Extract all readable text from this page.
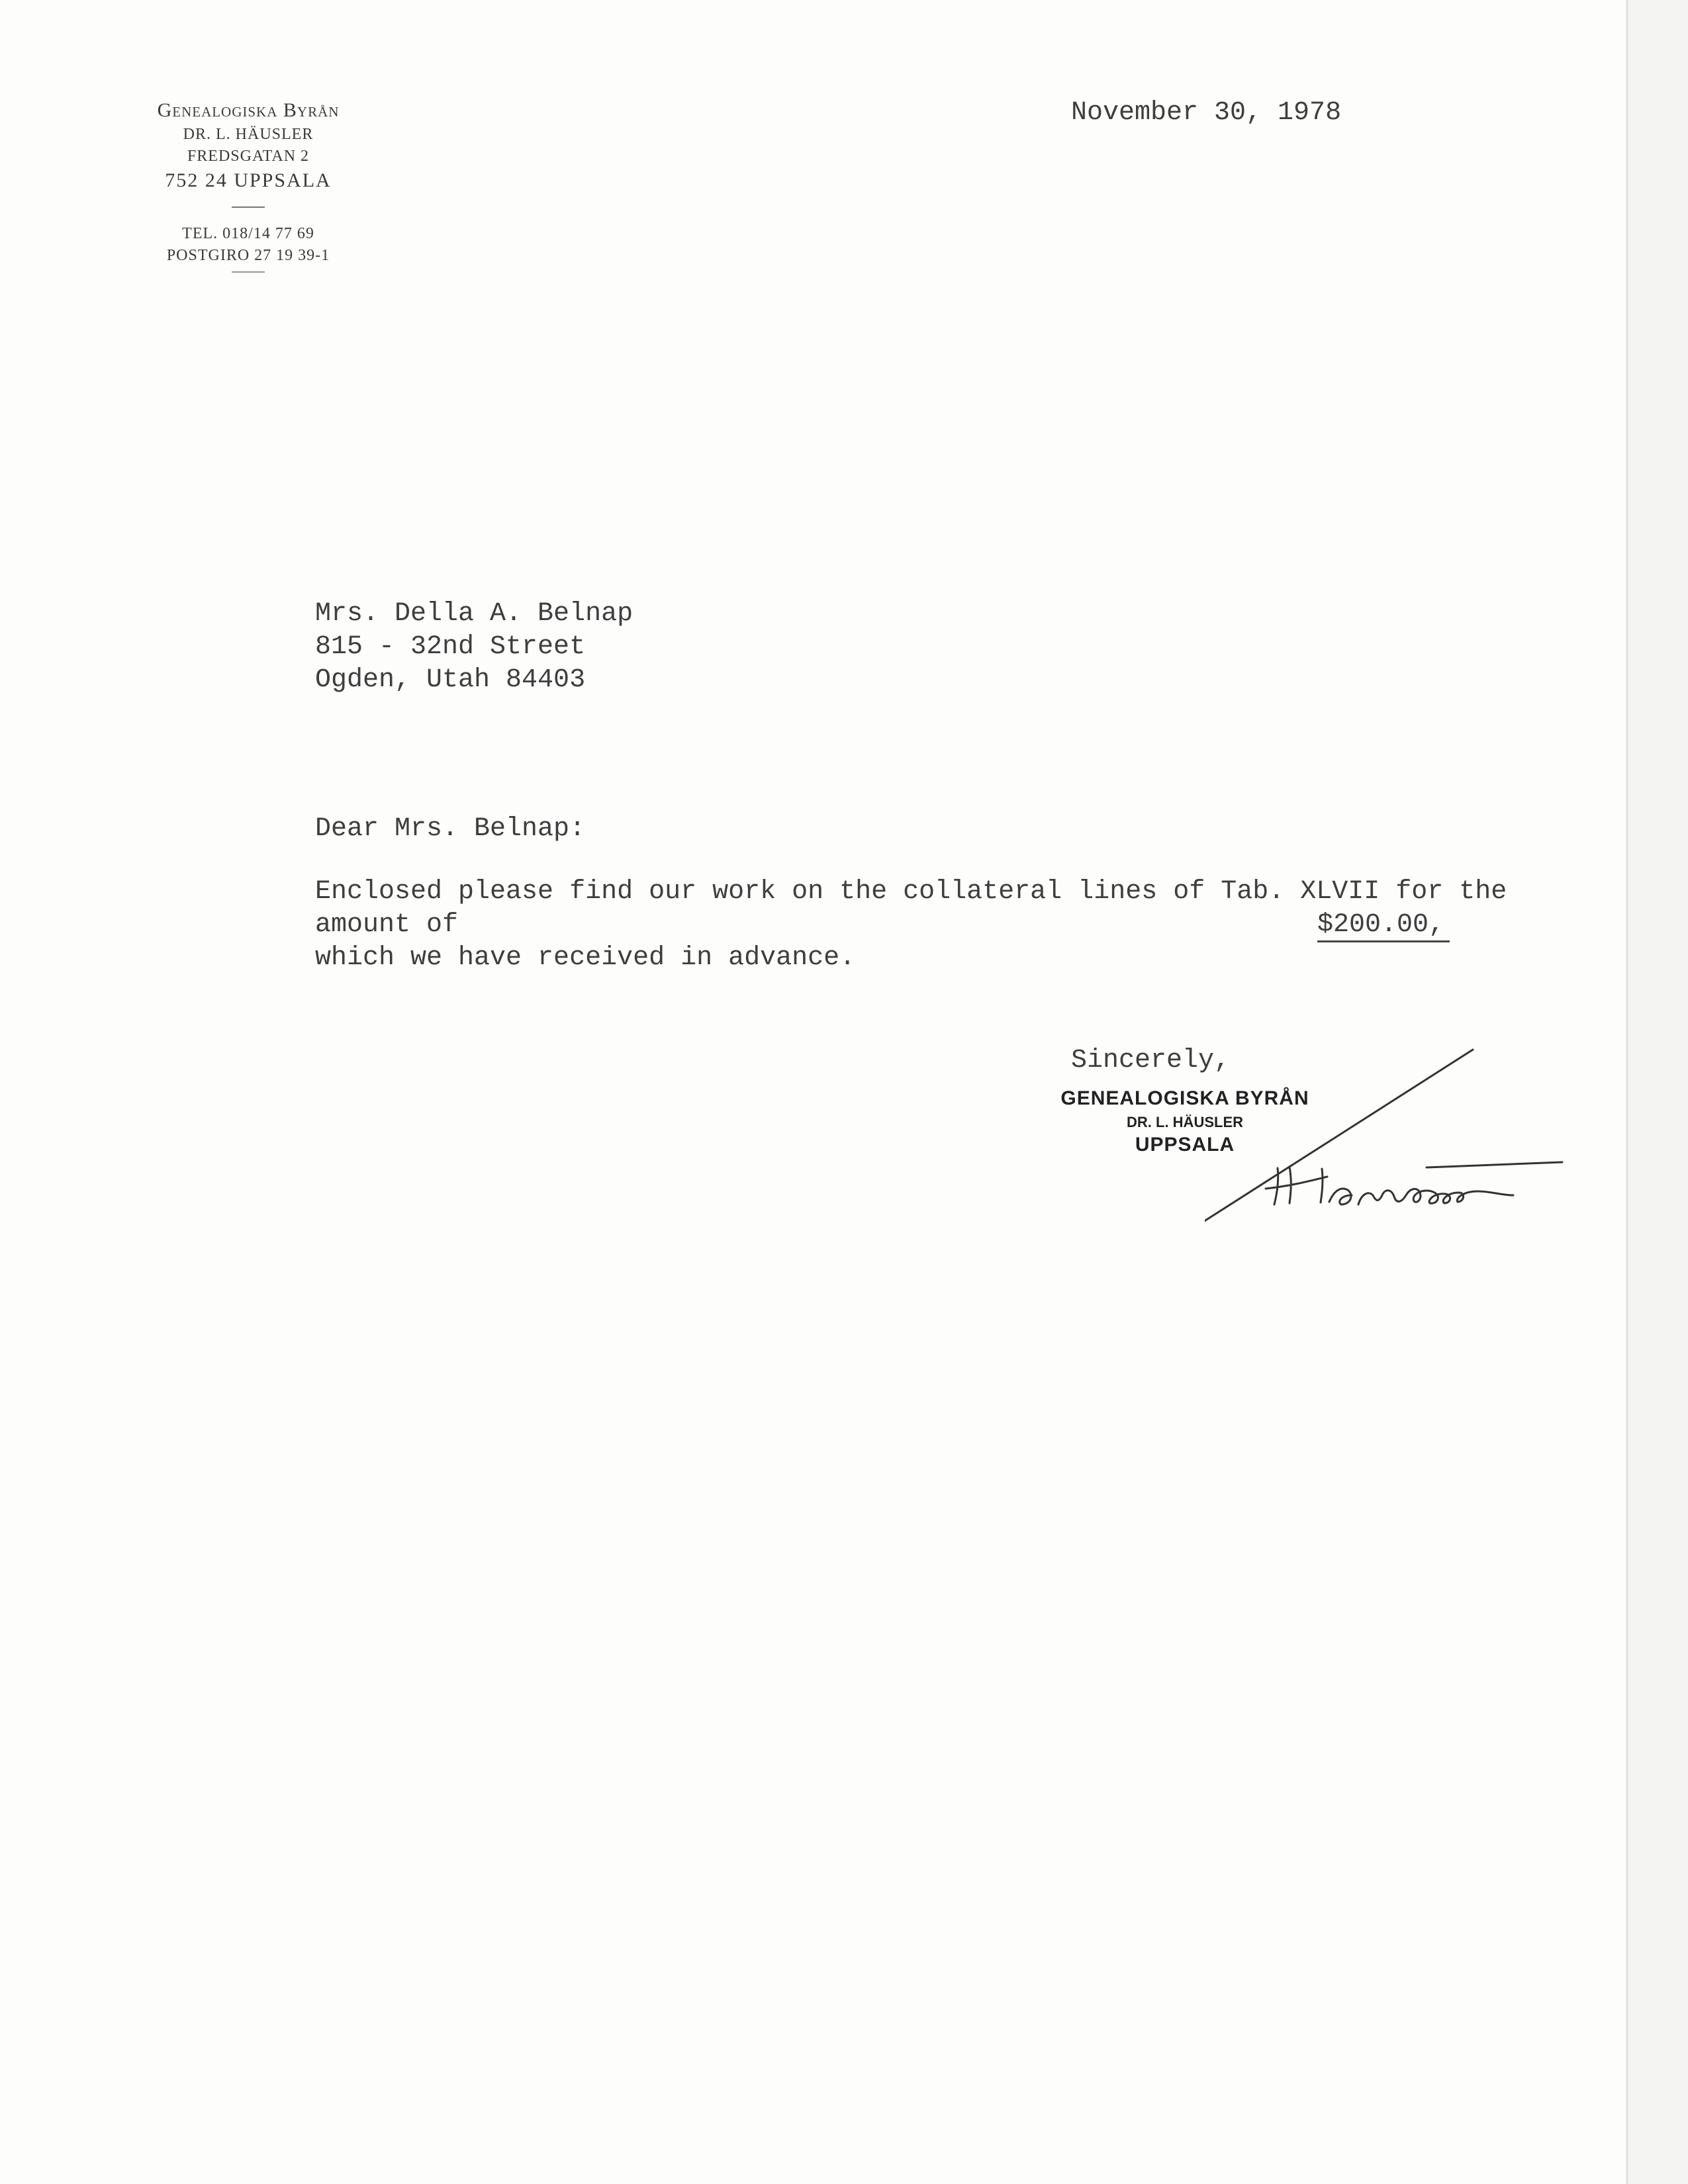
Genealogiska Byrån
DR. L. HÄUSLER
FREDSGATAN 2
752 24 UPPSALA
TEL. 018/14 77 69
POSTGIRO 27 19 39-1
November 30, 1978
Mrs. Della A. Belnap
815 - 32nd Street
Ogden, Utah 84403
Dear Mrs. Belnap:
Enclosed please find our work on the collateral lines of Tab. XLVII for the
amount of	$200.00,
which we have received in advance.
Sincerely,
GENEALOGISKA BYRÅN
DR. L. HÄUSLER
UPPSALA
